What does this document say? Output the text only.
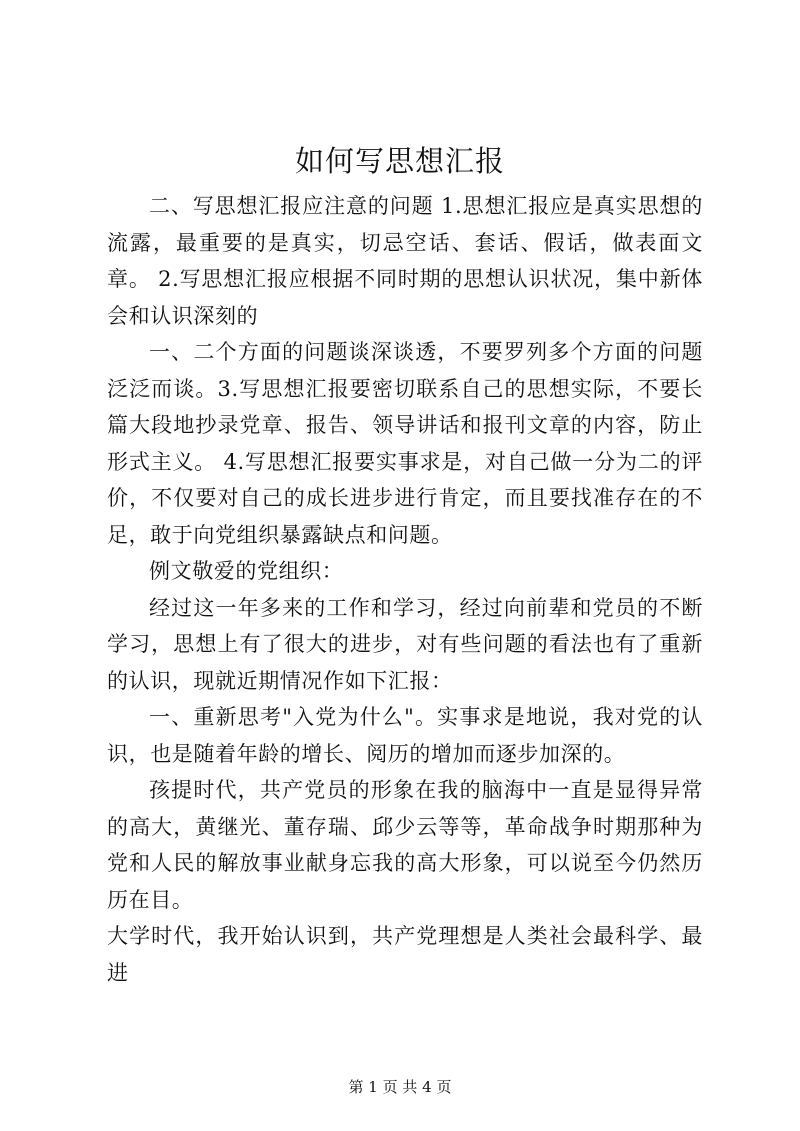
如何写思想汇报

二、写思想汇报应注意的问题 1.思想汇报应是真实思想的流露，最重要的是真实，切忌空话、套话、假话，做表面文章。 2.写思想汇报应根据不同时期的思想认识状况，集中新体会和认识深刻的

一、二个方面的问题谈深谈透，不要罗列多个方面的问题泛泛而谈。3.写思想汇报要密切联系自己的思想实际，不要长篇大段地抄录党章、报告、领导讲话和报刊文章的内容，防止形式主义。 4.写思想汇报要实事求是，对自己做一分为二的评价，不仅要对自己的成长进步进行肯定，而且要找准存在的不足，敢于向党组织暴露缺点和问题。

例文敬爱的党组织：

经过这一年多来的工作和学习，经过向前辈和党员的不断学习，思想上有了很大的进步，对有些问题的看法也有了重新的认识，现就近期情况作如下汇报：

一、重新思考"入党为什么"。实事求是地说，我对党的认识，也是随着年龄的增长、阅历的增加而逐步加深的。

孩提时代，共产党员的形象在我的脑海中一直是显得异常的高大，黄继光、董存瑞、邱少云等等，革命战争时期那种为党和人民的解放事业献身忘我的高大形象，可以说至今仍然历历在目。

大学时代，我开始认识到，共产党理想是人类社会最科学、最进

第 1 页 共 4 页
